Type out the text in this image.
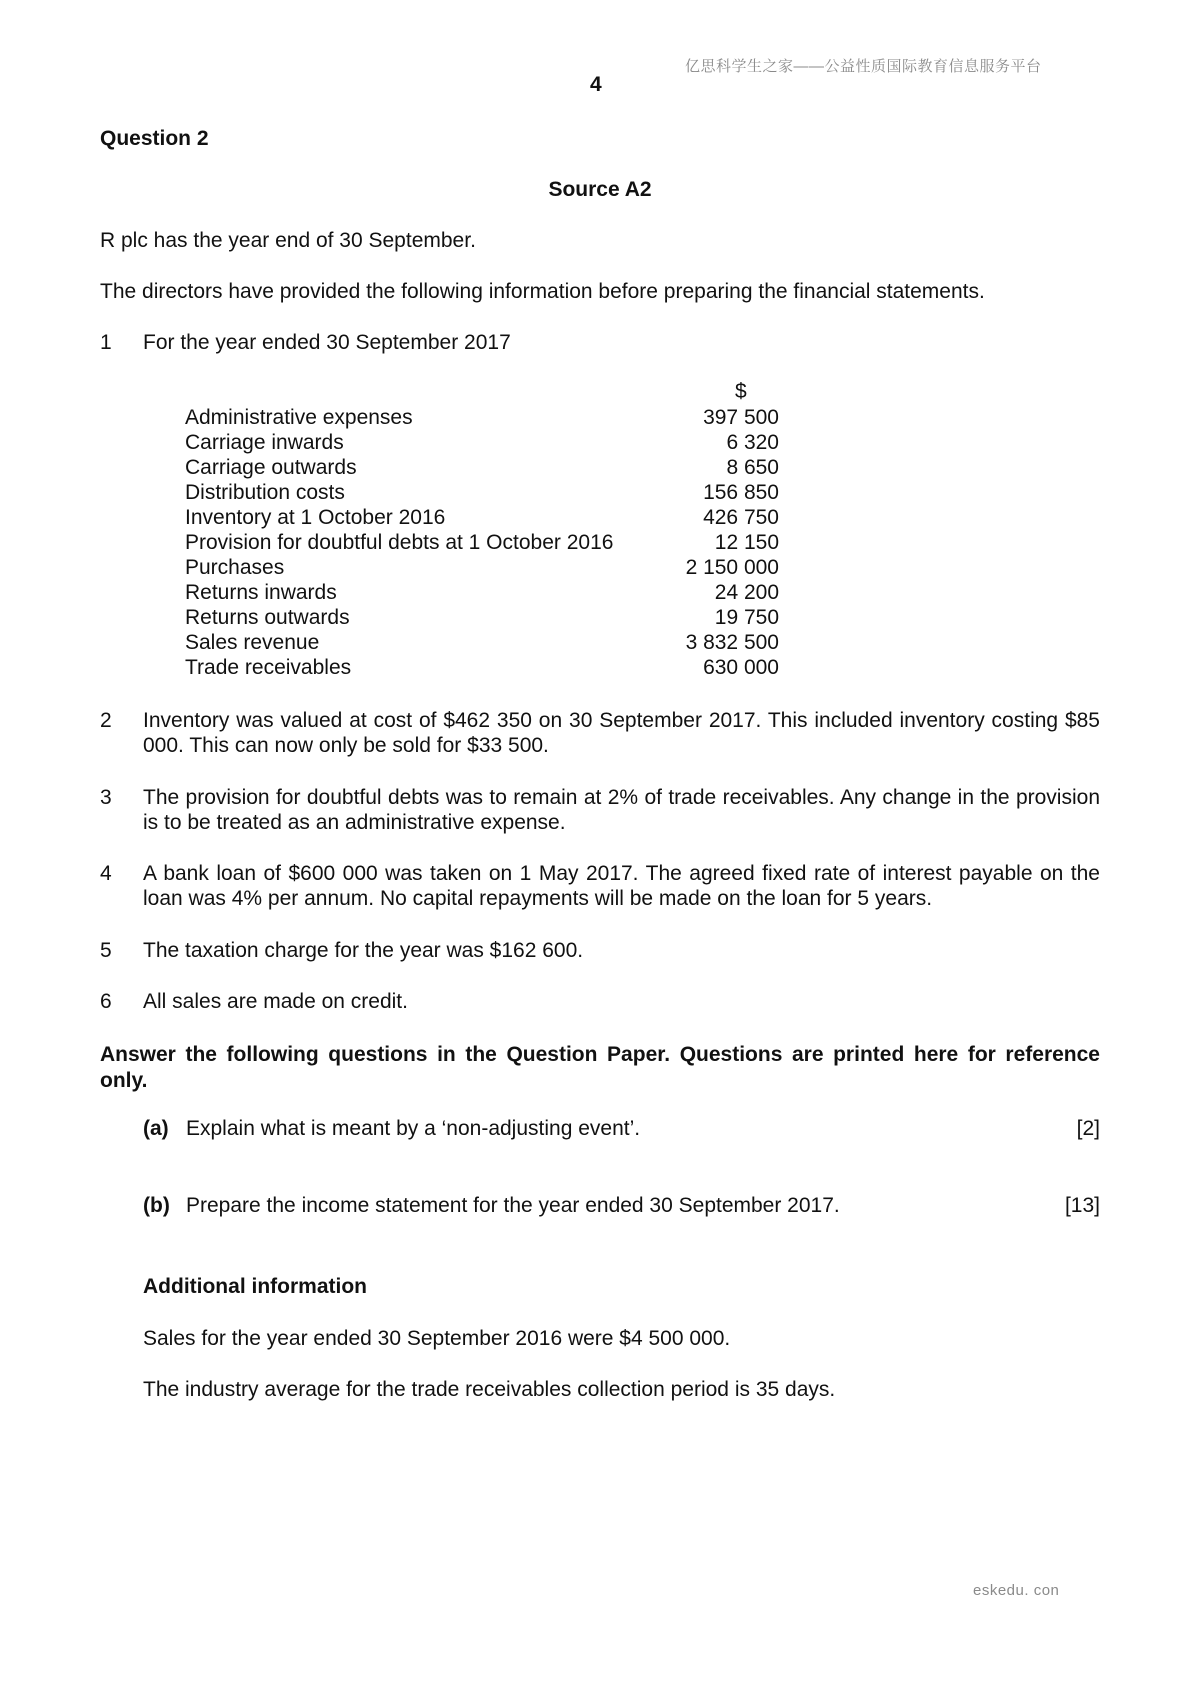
亿思科学生之家——公益性质国际教育信息服务平台
4
Question 2
Source A2
R plc has the year end of 30 September.
The directors have provided the following information before preparing the financial statements.
1	For the year ended 30 September 2017
$
Administrative expenses	397 500
Carriage inwards	6 320
Carriage outwards	8 650
Distribution costs	156 850
Inventory at 1 October 2016	426 750
Provision for doubtful debts at 1 October 2016	12 150
Purchases	2 150 000
Returns inwards	24 200
Returns outwards	19 750
Sales revenue	3 832 500
Trade receivables	630 000
2	Inventory was valued at cost of $462 350 on 30 September 2017. This included inventory costing $85 000. This can now only be sold for $33 500.
3	The provision for doubtful debts was to remain at 2% of trade receivables. Any change in the provision is to be treated as an administrative expense.
4	A bank loan of $600 000 was taken on 1 May 2017. The agreed fixed rate of interest payable on the loan was 4% per annum. No capital repayments will be made on the loan for 5 years.
5	The taxation charge for the year was $162 600.
6	All sales are made on credit.
Answer the following questions in the Question Paper. Questions are printed here for reference only.
(a) Explain what is meant by a ‘non-adjusting event’.	[2]
(b) Prepare the income statement for the year ended 30 September 2017.	[13]
Additional information
Sales for the year ended 30 September 2016 were $4 500 000.
The industry average for the trade receivables collection period is 35 days.
eskedu. con
